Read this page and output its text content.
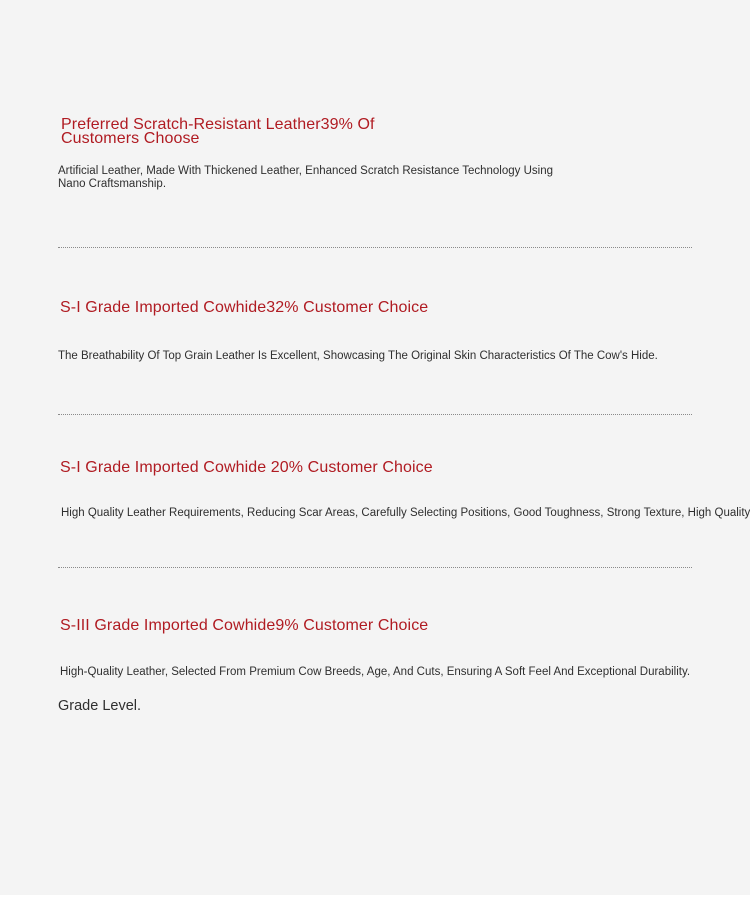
Preferred Scratch-Resistant Leather39% Of Customers Choose

Artificial Leather, Made With Thickened Leather, Enhanced Scratch Resistance Technology Using Nano Craftsmanship.

S-I Grade Imported Cowhide32% Customer Choice

The Breathability Of Top Grain Leather Is Excellent, Showcasing The Original Skin Characteristics Of The Cow's Hide.

S-I Grade Imported Cowhide 20% Customer Choice

High Quality Leather Requirements, Reducing Scar Areas, Carefully Selecting Positions, Good Toughness, Strong Texture, High Quality

S-III Grade Imported Cowhide9% Customer Choice

High-Quality Leather, Selected From Premium Cow Breeds, Age, And Cuts, Ensuring A Soft Feel And Exceptional Durability.

Grade Level.
